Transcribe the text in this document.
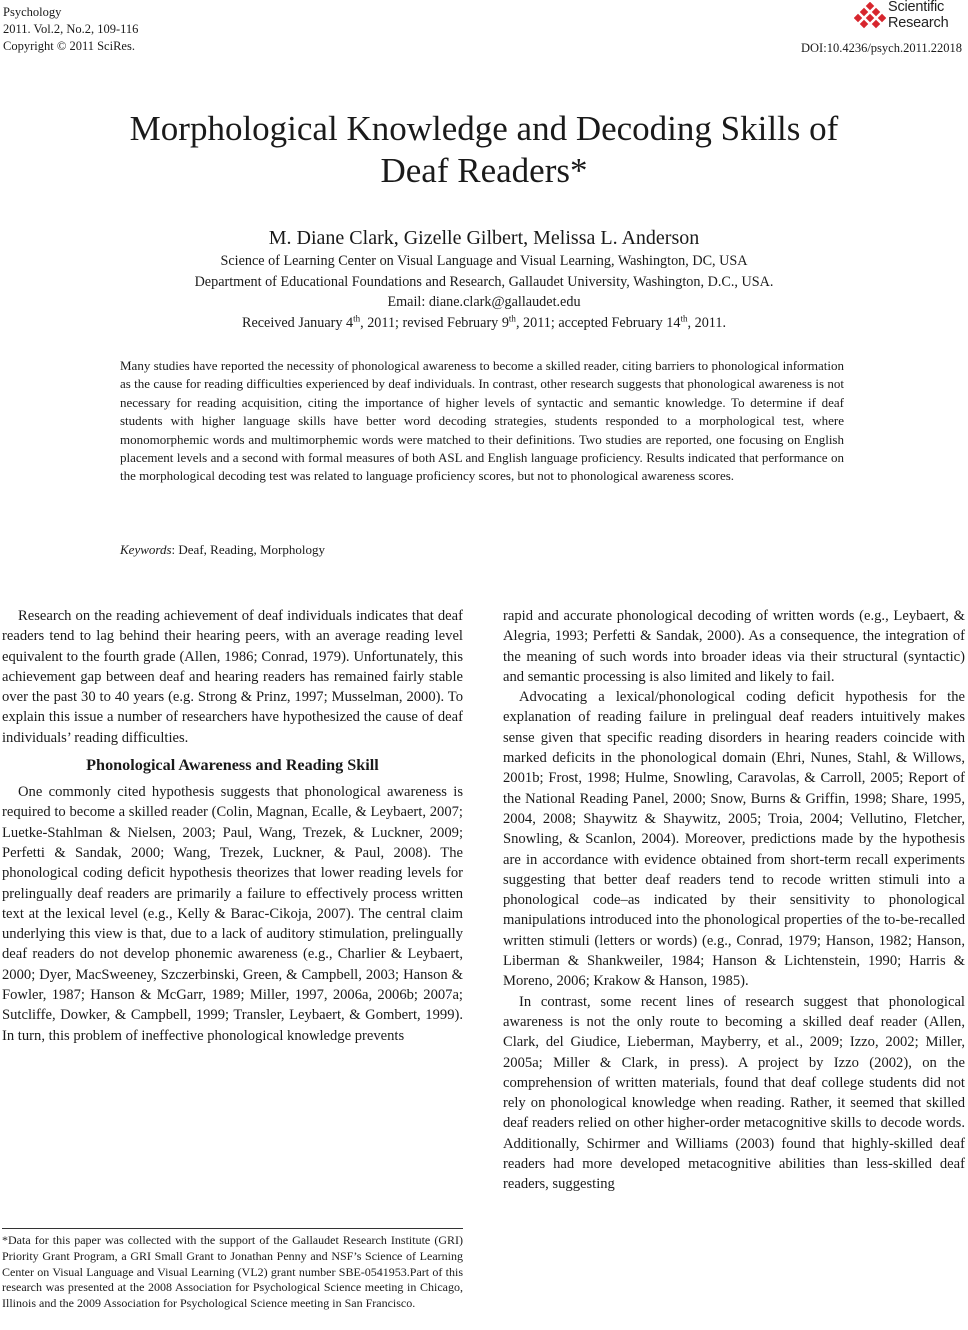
Psychology
2011. Vol.2, No.2, 109-116
Copyright © 2011 SciRes.
Scientific
Research
DOI:10.4236/psych.2011.22018
Morphological Knowledge and Decoding Skills of
Deaf Readers*
M. Diane Clark, Gizelle Gilbert, Melissa L. Anderson
Science of Learning Center on Visual Language and Visual Learning, Washington, DC, USA
Department of Educational Foundations and Research, Gallaudet University, Washington, D.C., USA.
Email: diane.clark@gallaudet.edu
Received January 4th, 2011; revised February 9th, 2011; accepted February 14th, 2011.
Many studies have reported the necessity of phonological awareness to become a skilled reader, citing barriers to phonological information as the cause for reading difficulties experienced by deaf individuals. In contrast, other research suggests that phonological awareness is not necessary for reading acquisition, citing the importance of higher levels of syntactic and semantic knowledge. To determine if deaf students with higher language skills have better word decoding strategies, students responded to a morphological test, where monomorphemic words and multimorphemic words were matched to their definitions. Two studies are reported, one focusing on English placement levels and a second with formal measures of both ASL and English language proficiency. Results indicated that performance on the morphological decoding test was related to language proficiency scores, but not to phonological awareness scores.
Keywords: Deaf, Reading, Morphology

Research on the reading achievement of deaf individuals indicates that deaf readers tend to lag behind their hearing peers, with an average reading level equivalent to the fourth grade (Allen, 1986; Conrad, 1979). Unfortunately, this achievement gap between deaf and hearing readers has remained fairly stable over the past 30 to 40 years (e.g. Strong & Prinz, 1997; Musselman, 2000). To explain this issue a number of researchers have hypothesized the cause of deaf individuals’ reading difficulties.

Phonological Awareness and Reading Skill

One commonly cited hypothesis suggests that phonological awareness is required to become a skilled reader (Colin, Magnan, Ecalle, & Leybaert, 2007; Luetke-Stahlman & Nielsen, 2003; Paul, Wang, Trezek, & Luckner, 2009; Perfetti & Sandak, 2000; Wang, Trezek, Luckner, & Paul, 2008). The phonological coding deficit hypothesis theorizes that lower reading levels for prelingually deaf readers are primarily a failure to effectively process written text at the lexical level (e.g., Kelly & Barac-Cikoja, 2007). The central claim underlying this view is that, due to a lack of auditory stimulation, prelingually deaf readers do not develop phonemic awareness (e.g., Charlier & Leybaert, 2000; Dyer, MacSweeney, Szczerbinski, Green, & Campbell, 2003; Hanson & Fowler, 1987; Hanson & McGarr, 1989; Miller, 1997, 2006a, 2006b; 2007a; Sutcliffe, Dowker, & Campbell, 1999; Transler, Leybaert, & Gombert, 1999). In turn, this problem of ineffective phonological knowledge prevents

rapid and accurate phonological decoding of written words (e.g., Leybaert, & Alegria, 1993; Perfetti & Sandak, 2000). As a consequence, the integration of the meaning of such words into broader ideas via their structural (syntactic) and semantic processing is also limited and likely to fail.

Advocating a lexical/phonological coding deficit hypothesis for the explanation of reading failure in prelingual deaf readers intuitively makes sense given that specific reading disorders in hearing readers coincide with marked deficits in the phonological domain (Ehri, Nunes, Stahl, & Willows, 2001b; Frost, 1998; Hulme, Snowling, Caravolas, & Carroll, 2005; Report of the National Reading Panel, 2000; Snow, Burns & Griffin, 1998; Share, 1995, 2004, 2008; Shaywitz & Shaywitz, 2005; Troia, 2004; Vellutino, Fletcher, Snowling, & Scanlon, 2004). Moreover, predictions made by the hypothesis are in accordance with evidence obtained from short-term recall experiments suggesting that better deaf readers tend to recode written stimuli into a phonological code–as indicated by their sensitivity to phonological manipulations introduced into the phonological properties of the to-be-recalled written stimuli (letters or words) (e.g., Conrad, 1979; Hanson, 1982; Hanson, Liberman & Shankweiler, 1984; Hanson & Lichtenstein, 1990; Harris & Moreno, 2006; Krakow & Hanson, 1985).

In contrast, some recent lines of research suggest that phonological awareness is not the only route to becoming a skilled deaf reader (Allen, Clark, del Giudice, Lieberman, Mayberry, et al., 2009; Izzo, 2002; Miller, 2005a; Miller & Clark, in press). A project by Izzo (2002), on the comprehension of written materials, found that deaf college students did not rely on phonological knowledge when reading. Rather, it seemed that skilled deaf readers relied on other higher-order metacognitive skills to decode words. Additionally, Schirmer and Williams (2003) found that highly-skilled deaf readers had more developed metacognitive abilities than less-skilled deaf readers, suggesting

*Data for this paper was collected with the support of the Gallaudet Research Institute (GRI) Priority Grant Program, a GRI Small Grant to Jonathan Penny and NSF’s Science of Learning Center on Visual Language and Visual Learning (VL2) grant number SBE-0541953.Part of this research was presented at the 2008 Association for Psychological Science meeting in Chicago, Illinois and the 2009 Association for Psychological Science meeting in San Francisco.
